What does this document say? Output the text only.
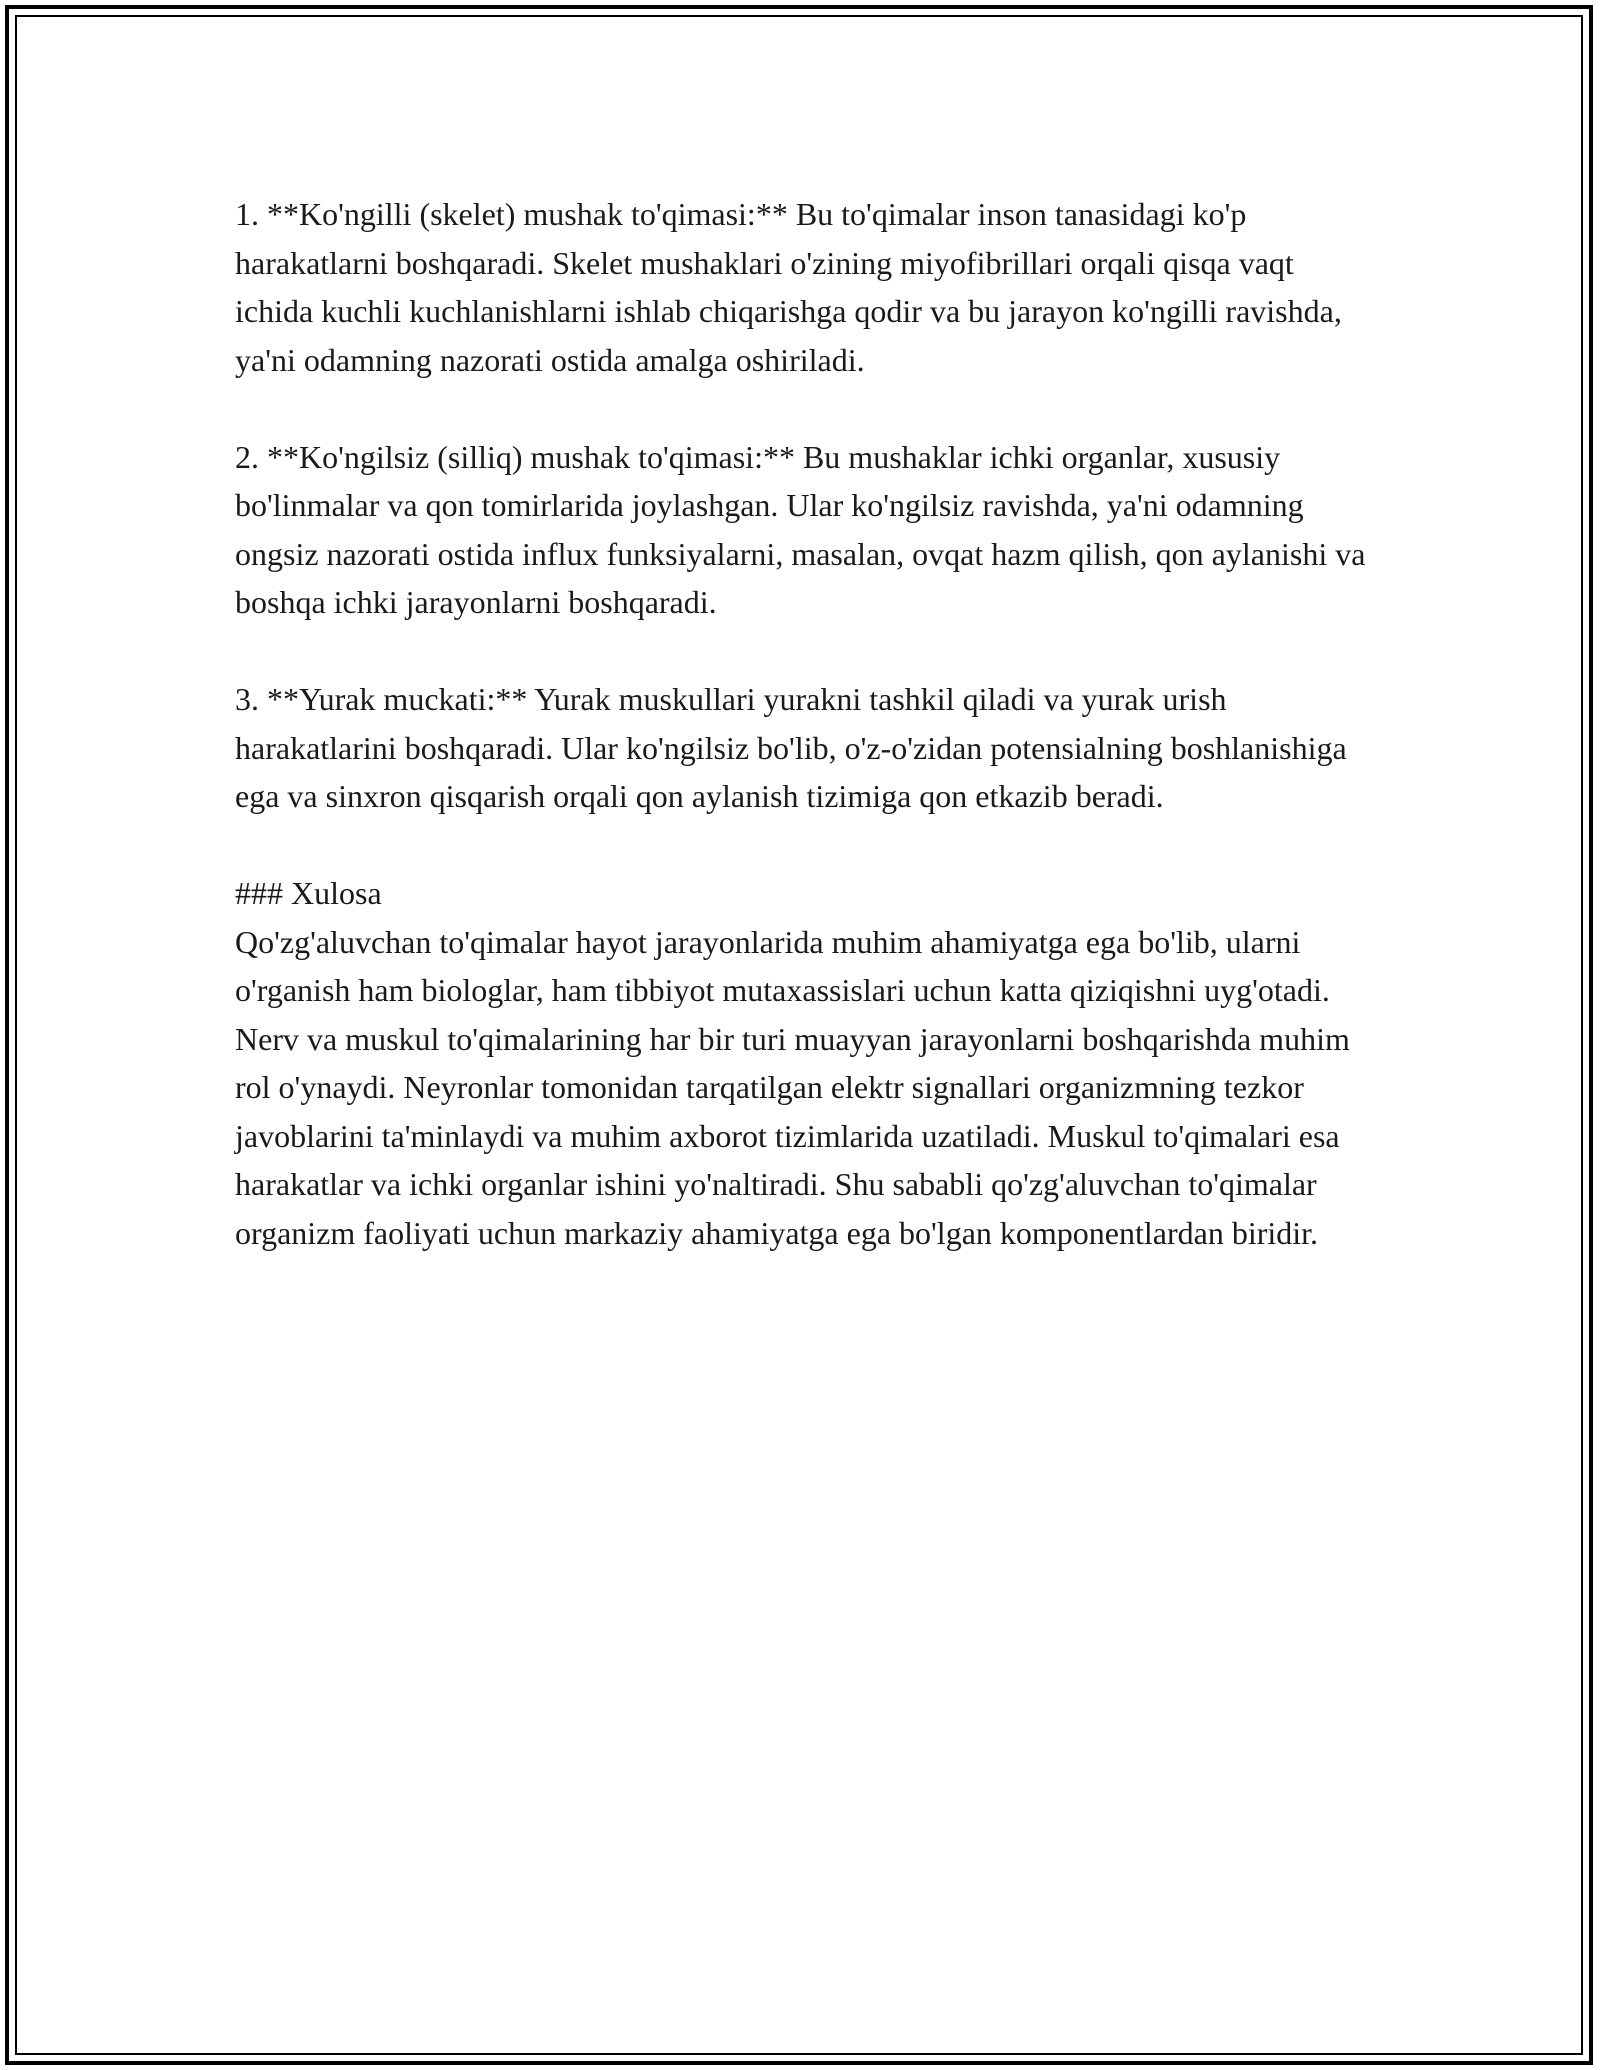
1. **Ko'ngilli (skelet) mushak to'qimasi:** Bu to'qimalar inson tanasidagi ko'p harakatlarni boshqaradi. Skelet mushaklari o'zining miyofibrillari orqali qisqa vaqt ichida kuchli kuchlanishlarni ishlab chiqarishga qodir va bu jarayon ko'ngilli ravishda, ya'ni odamning nazorati ostida amalga oshiriladi.

2. **Ko'ngilsiz (silliq) mushak to'qimasi:** Bu mushaklar ichki organlar, xususiy bo'linmalar va qon tomirlarida joylashgan. Ular ko'ngilsiz ravishda, ya'ni odamning ongsiz nazorati ostida influx funksiyalarni, masalan, ovqat hazm qilish, qon aylanishi va boshqa ichki jarayonlarni boshqaradi.

3. **Yurak muckati:** Yurak muskullari yurakni tashkil qiladi va yurak urish harakatlarini boshqaradi. Ular ko'ngilsiz bo'lib, o'z-o'zidan potensialning boshlanishiga ega va sinxron qisqarish orqali qon aylanish tizimiga qon etkazib beradi.

### Xulosa

Qo'zg'aluvchan to'qimalar hayot jarayonlarida muhim ahamiyatga ega bo'lib, ularni o'rganish ham biologlar, ham tibbiyot mutaxassislari uchun katta qiziqishni uyg'otadi. Nerv va muskul to'qimalarining har bir turi muayyan jarayonlarni boshqarishda muhim rol o'ynaydi. Neyronlar tomonidan tarqatilgan elektr signallari organizmning tezkor javoblarini ta'minlaydi va muhim axborot tizimlarida uzatiladi. Muskul to'qimalari esa harakatlar va ichki organlar ishini yo'naltiradi. Shu sababli qo'zg'aluvchan to'qimalar organizm faoliyati uchun markaziy ahamiyatga ega bo'lgan komponentlardan biridir.
